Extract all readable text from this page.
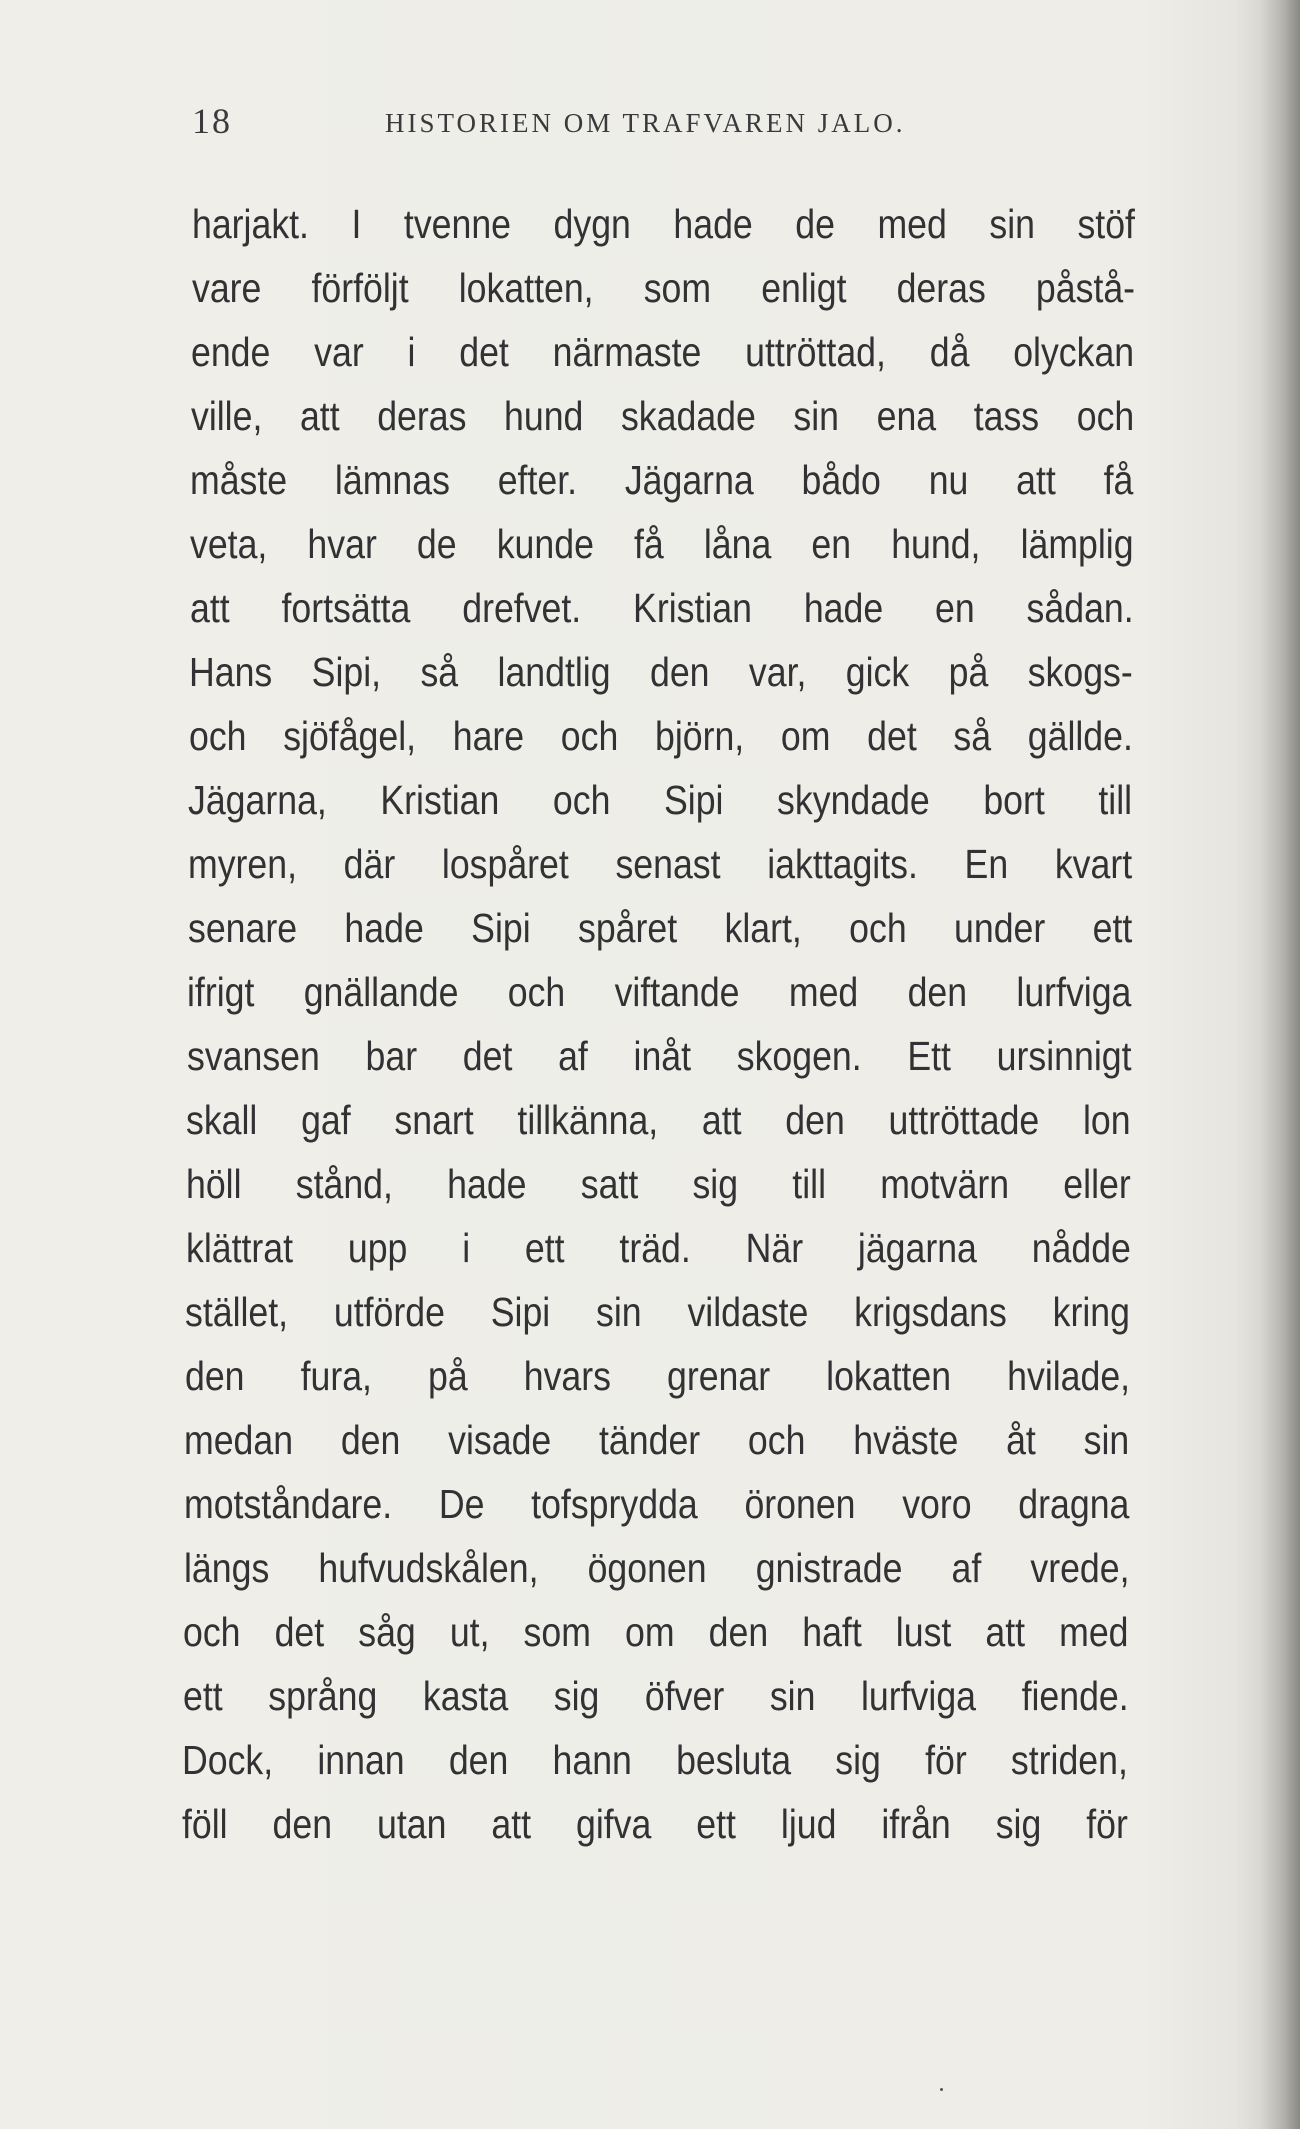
18	HISTORIEN OM TRAFVAREN JALO.
harjakt. I tvenne dygn hade de med sin stöf
vare förföljt lokatten, som enligt deras påstå-
ende var i det närmaste uttröttad, då olyckan
ville, att deras hund skadade sin ena tass och
måste lämnas efter. Jägarna bådo nu att få
veta, hvar de kunde få låna en hund, lämplig
att fortsätta drefvet. Kristian hade en sådan.
Hans Sipi, så landtlig den var, gick på skogs-
och sjöfågel, hare och björn, om det så gällde.
Jägarna, Kristian och Sipi skyndade bort till
myren, där lospåret senast iakttagits. En kvart
senare hade Sipi spåret klart, och under ett
ifrigt gnällande och viftande med den lurfviga
svansen bar det af inåt skogen. Ett ursinnigt
skall gaf snart tillkänna, att den uttröttade lon
höll stånd, hade satt sig till motvärn eller
klättrat upp i ett träd. När jägarna nådde
stället, utförde Sipi sin vildaste krigsdans kring
den fura, på hvars grenar lokatten hvilade,
medan den visade tänder och hväste åt sin
motståndare. De tofsprydda öronen voro dragna
längs hufvudskålen, ögonen gnistrade af vrede,
och det såg ut, som om den haft lust att med
ett språng kasta sig öfver sin lurfviga fiende.
Dock, innan den hann besluta sig för striden,
föll den utan att gifva ett ljud ifrån sig för
